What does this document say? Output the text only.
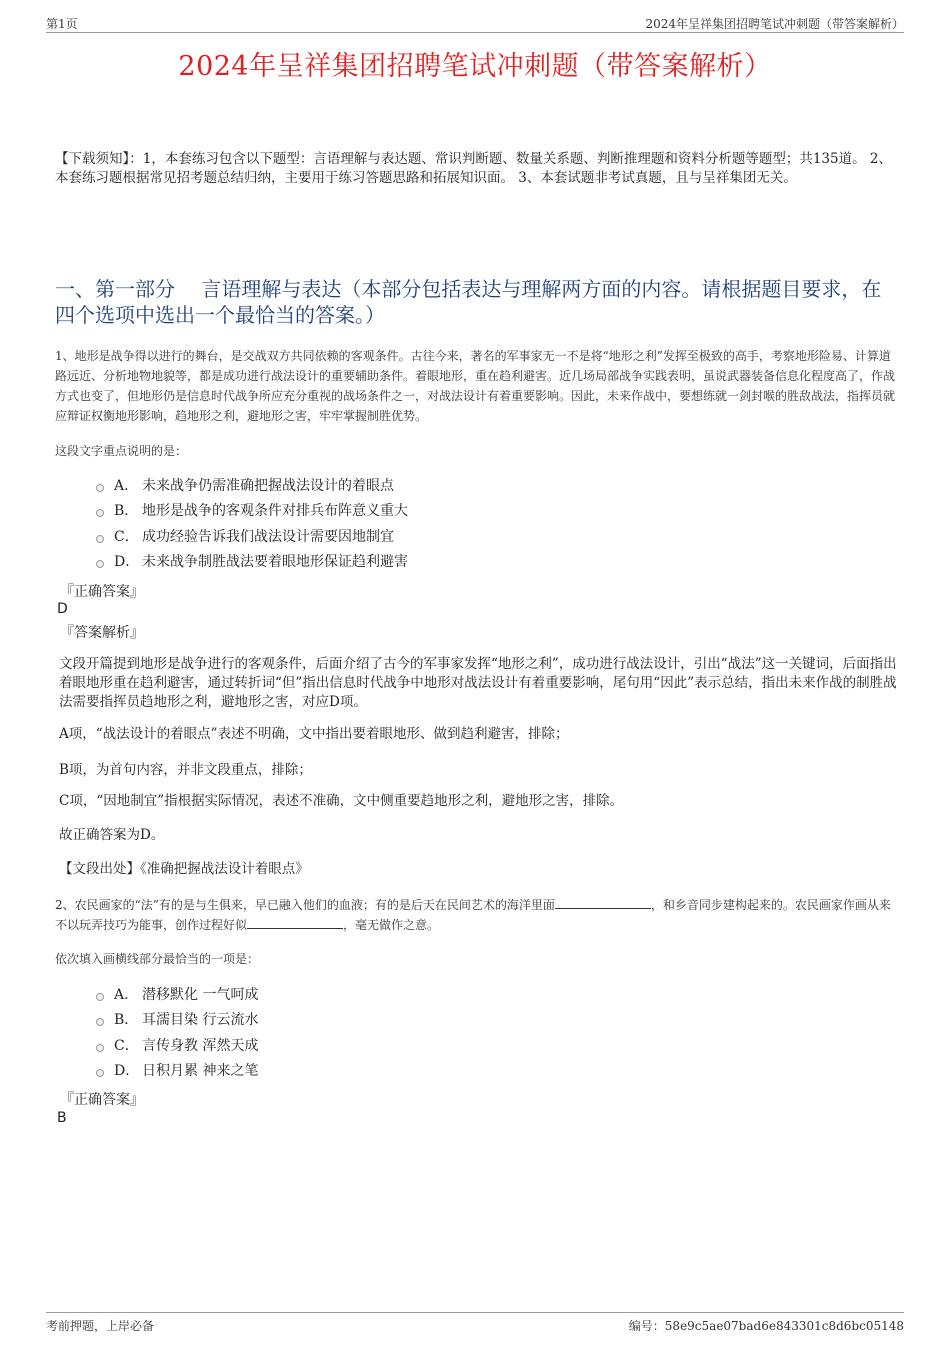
第1页	2024年呈祥集团招聘笔试冲刺题（带答案解析）
2024年呈祥集团招聘笔试冲刺题（带答案解析）
【下载须知】：1，本套练习包含以下题型：言语理解与表达题、常识判断题、数量关系题、判断推理题和资料分析题等题型；共135道。 2、本套练习题根据常见招考题总结归纳，主要用于练习答题思路和拓展知识面。 3、本套试题非考试真题，且与呈祥集团无关。
一、第一部分　 言语理解与表达（本部分包括表达与理解两方面的内容。请根据题目要求，在四个选项中选出一个最恰当的答案。）
1、地形是战争得以进行的舞台，是交战双方共同依赖的客观条件。古往今来，著名的军事家无一不是将“地形之利”发挥至极致的高手，考察地形险易、计算道路远近、分析地物地貌等，都是成功进行战法设计的重要辅助条件。着眼地形，重在趋利避害。近几场局部战争实践表明，虽说武器装备信息化程度高了，作战方式也变了，但地形仍是信息时代战争所应充分重视的战场条件之一，对战法设计有着重要影响。因此，未来作战中，要想练就一剑封喉的胜敌战法，指挥员就应辩证权衡地形影响，趋地形之利，避地形之害，牢牢掌握制胜优势。
这段文字重点说明的是：
A． 未来战争仍需准确把握战法设计的着眼点
B． 地形是战争的客观条件对排兵布阵意义重大
C． 成功经验告诉我们战法设计需要因地制宜
D． 未来战争制胜战法要着眼地形保证趋利避害
『正确答案』
D
『答案解析』
文段开篇提到地形是战争进行的客观条件，后面介绍了古今的军事家发挥“地形之利”，成功进行战法设计，引出“战法”这一关键词，后面指出着眼地形重在趋利避害，通过转折词“但”指出信息时代战争中地形对战法设计有着重要影响，尾句用“因此”表示总结，指出未来作战的制胜战法需要指挥员趋地形之利，避地形之害，对应D项。
A项，“战法设计的着眼点”表述不明确，文中指出要着眼地形、做到趋利避害，排除；
B项，为首句内容，并非文段重点，排除；
C项，“因地制宜”指根据实际情况，表述不准确，文中侧重要趋地形之利，避地形之害，排除。
故正确答案为D。
【文段出处】《准确把握战法设计着眼点》
2、农民画家的“法”有的是与生俱来，早已融入他们的血液；有的是后天在民间艺术的海洋里面	，和乡音同步建构起来的。农民画家作画从来不以玩弄技巧为能事，创作过程好似	，毫无做作之意。
依次填入画横线部分最恰当的一项是：
A． 潜移默化 一气呵成
B． 耳濡目染 行云流水
C． 言传身教 浑然天成
D． 日积月累 神来之笔
『正确答案』
B
考前押题，上岸必备	编号：58e9c5ae07bad6e843301c8d6bc05148
